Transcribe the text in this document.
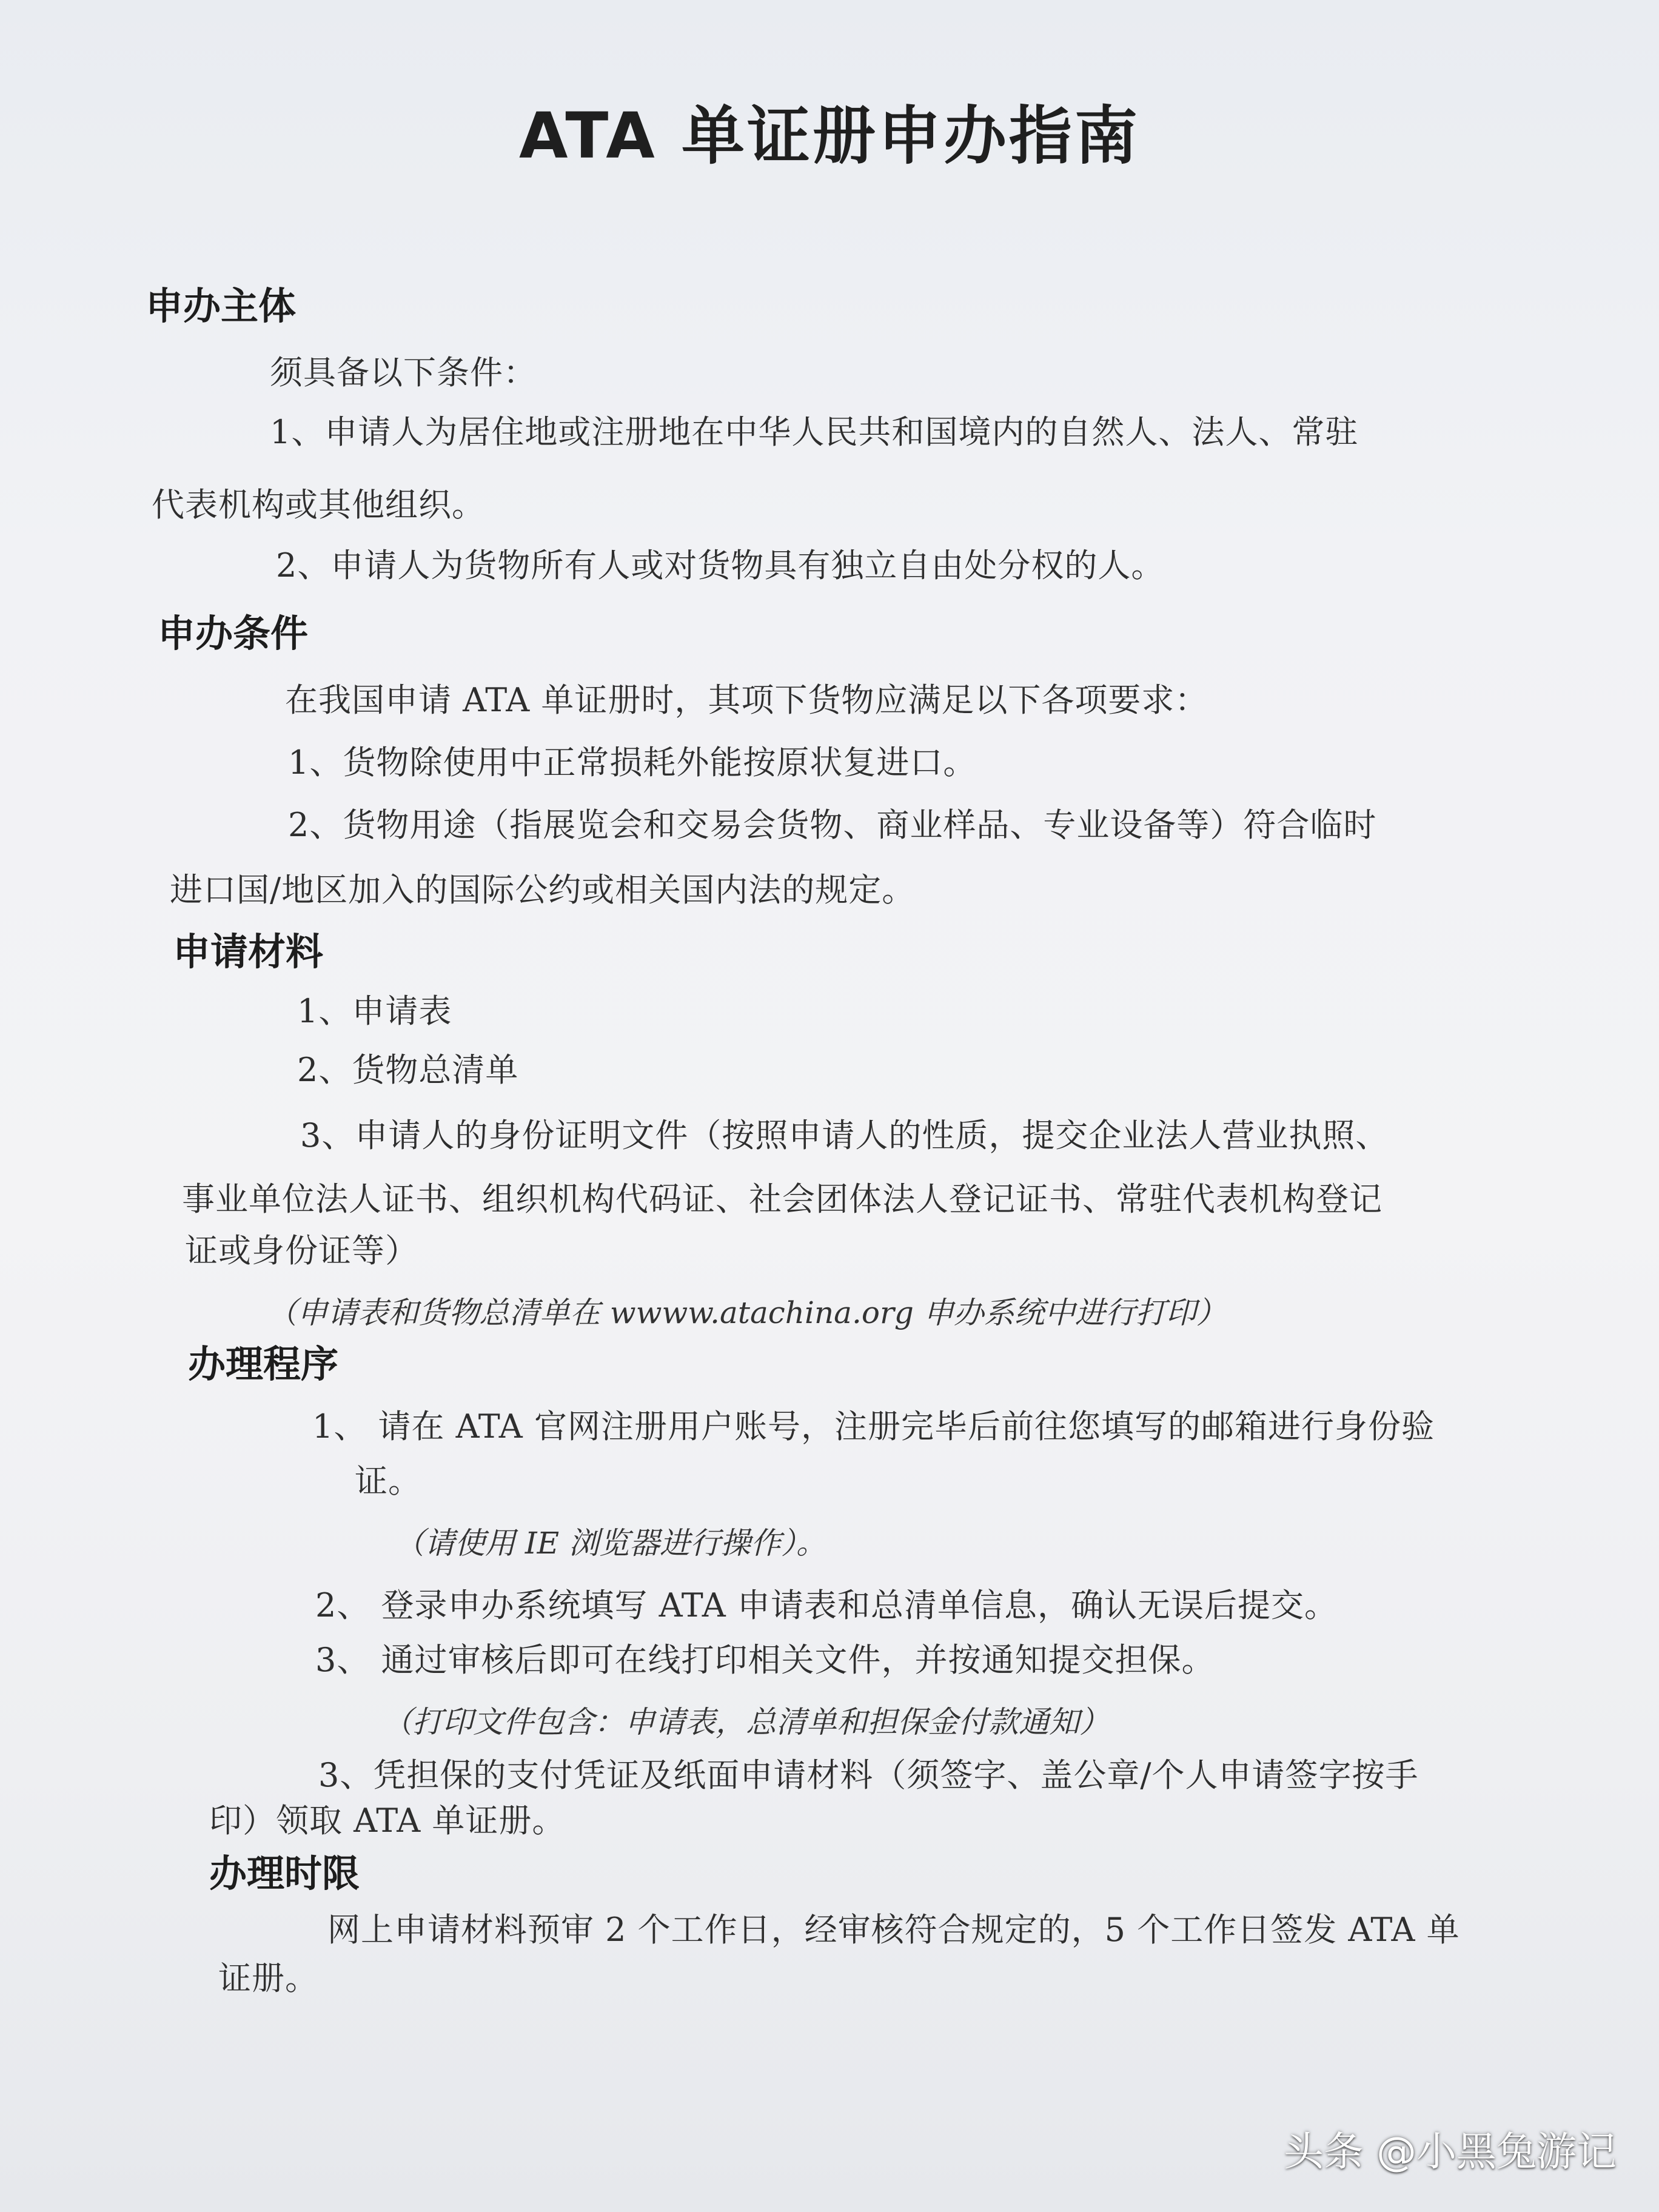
ATA 单证册申办指南
申办主体
须具备以下条件：
1、申请人为居住地或注册地在中华人民共和国境内的自然人、法人、常驻
代表机构或其他组织。
2、申请人为货物所有人或对货物具有独立自由处分权的人。
申办条件
在我国申请 ATA 单证册时，其项下货物应满足以下各项要求：
1、货物除使用中正常损耗外能按原状复进口。
2、货物用途（指展览会和交易会货物、商业样品、专业设备等）符合临时
进口国/地区加入的国际公约或相关国内法的规定。
申请材料
1、申请表
2、货物总清单
3、申请人的身份证明文件（按照申请人的性质，提交企业法人营业执照、
事业单位法人证书、组织机构代码证、社会团体法人登记证书、常驻代表机构登记
证或身份证等）
（申请表和货物总清单在 wwww.atachina.org 申办系统中进行打印）
办理程序
1、 请在 ATA 官网注册用户账号，注册完毕后前往您填写的邮箱进行身份验
证。
（请使用 IE 浏览器进行操作）。
2、 登录申办系统填写 ATA 申请表和总清单信息，确认无误后提交。
3、 通过审核后即可在线打印相关文件，并按通知提交担保。
（打印文件包含：申请表，总清单和担保金付款通知）
3、凭担保的支付凭证及纸面申请材料（须签字、盖公章/个人申请签字按手
印）领取 ATA 单证册。
办理时限
网上申请材料预审 2 个工作日，经审核符合规定的，5 个工作日签发 ATA 单
证册。
头条 @小黑兔游记
